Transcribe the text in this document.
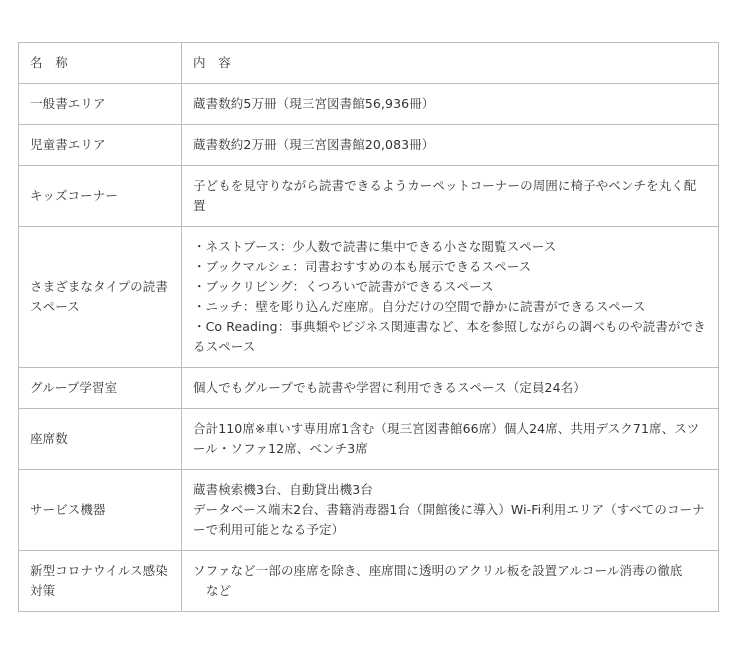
名　称	内　容
一般書エリア	蔵書数約5万冊（現三宮図書館56,936冊）

児童書エリア	蔵書数約2万冊（現三宮図書館20,083冊）

キッズコーナー	子どもを見守りながら読書できるようカーペットコーナーの周囲に椅子やベンチを丸く配置

さまざまなタイプの読書スペース	・ネストブース：少人数で読書に集中できる小さな閲覧スペース
・ブックマルシェ：司書おすすめの本も展示できるスペース
・ブックリビング：くつろいで読書ができるスペース
・ニッチ：壁を彫り込んだ座席。自分だけの空間で静かに読書ができるスペース
・Co Reading：事典類やビジネス関連書など、本を参照しながらの調べものや読書ができるスペース

グループ学習室	個人でもグループでも読書や学習に利用できるスペース（定員24名）

座席数	合計110席※車いす専用席1含む（現三宮図書館66席）個人24席、共用デスク71席、スツール・ソファ12席、ベンチ3席

サービス機器	蔵書検索機3台、自動貸出機3台
データベース端末2台、書籍消毒器1台（開館後に導入）Wi-Fi利用エリア（すべてのコーナーで利用可能となる予定）

新型コロナウイルス感染対策	ソファなど一部の座席を除き、座席間に透明のアクリル板を設置アルコール消毒の徹底
など
